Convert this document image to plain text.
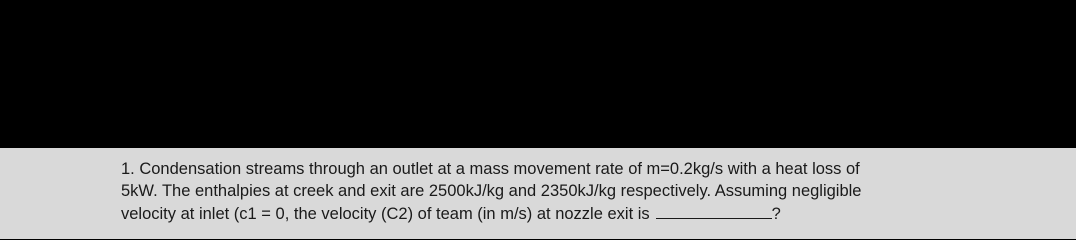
1. Condensation streams through an outlet at a mass movement rate of m=0.2kg/s with a heat loss of
5kW. The enthalpies at creek and exit are 2500kJ/kg and 2350kJ/kg respectively. Assuming negligible
velocity at inlet (c1 = 0, the velocity (C2) of team (in m/s) at nozzle exit is	?
